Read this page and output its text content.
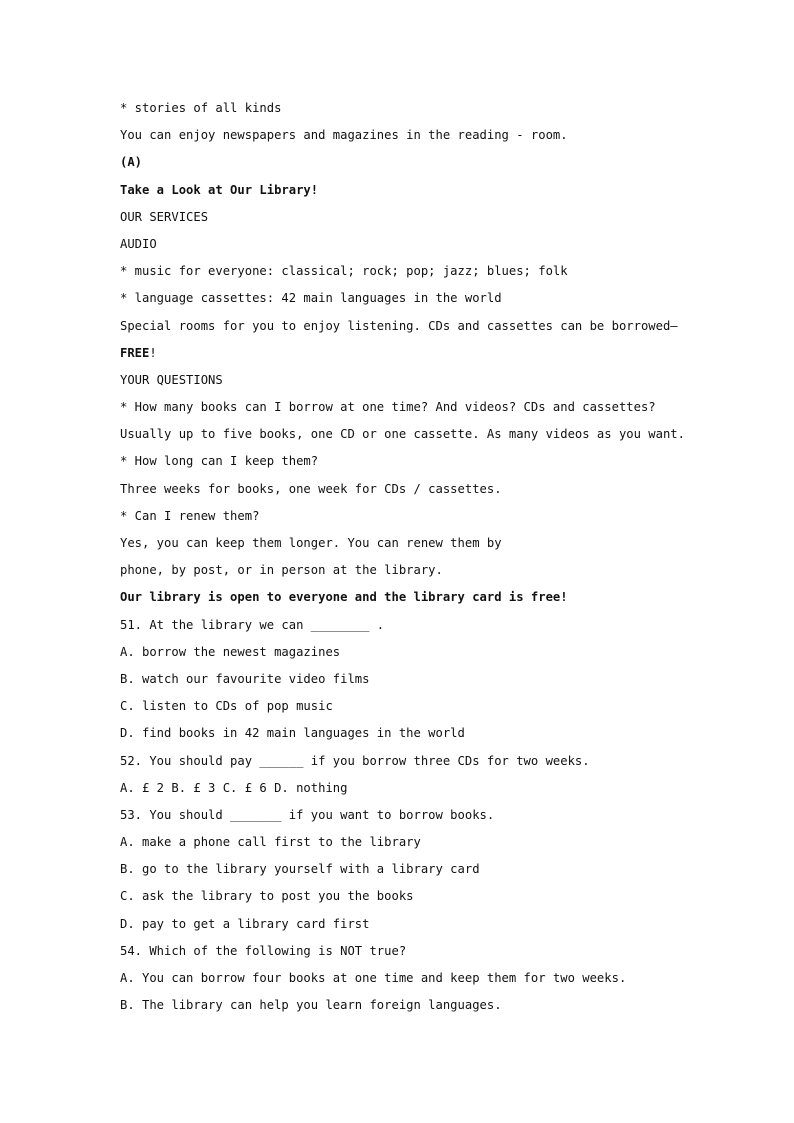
* stories of all kinds
You can enjoy newspapers and magazines in the reading - room.
(A)
Take a Look at Our Library!
OUR SERVICES
AUDIO
* music for everyone: classical; rock; pop; jazz; blues; folk
* language cassettes: 42 main languages in the world
Special rooms for you to enjoy listening. CDs and cassettes can be borrowed—
FREE!
YOUR QUESTIONS
* How many books can I borrow at one time? And videos? CDs and cassettes?
Usually up to five books, one CD or one cassette. As many videos as you want.
* How long can I keep them?
Three weeks for books, one week for CDs / cassettes.
* Can I renew them?
Yes, you can keep them longer. You can renew them by
phone, by post, or in person at the library.
Our library is open to everyone and the library card is free!
51. At the library we can ________ .
A. borrow the newest magazines
B. watch our favourite video films
C. listen to CDs of pop music
D. find books in 42 main languages in the world
52. You should pay ______ if you borrow three CDs for two weeks.
A. £ 2 B. £ 3 C. £ 6 D. nothing
53. You should _______ if you want to borrow books.
A. make a phone call first to the library
B. go to the library yourself with a library card
C. ask the library to post you the books
D. pay to get a library card first
54. Which of the following is NOT true?
A. You can borrow four books at one time and keep them for two weeks.
B. The library can help you learn foreign languages.
